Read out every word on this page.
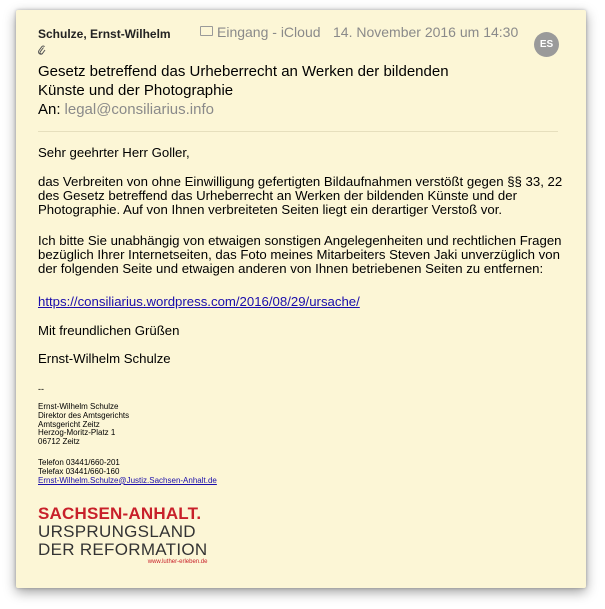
Schulze, Ernst-Wilhelm	Eingang - iCloud 14. November 2016 um 14:30
ES
Gesetz betreffend das Urheberrecht an Werken der bildenden Künste und der Photographie
An: legal@consiliarius.info

Sehr geehrter Herr Goller,

das Verbreiten von ohne Einwilligung gefertigten Bildaufnahmen verstößt gegen §§ 33, 22 des Gesetz betreffend das Urheberrecht an Werken der bildenden Künste und der Photographie. Auf von Ihnen verbreiteten Seiten liegt ein derartiger Verstoß vor.

Ich bitte Sie unabhängig von etwaigen sonstigen Angelegenheiten und rechtlichen Fragen bezüglich Ihrer Internetseiten, das Foto meines Mitarbeiters Steven Jaki unverzüglich von der folgenden Seite und etwaigen anderen von Ihnen betriebenen Seiten zu entfernen:

https://consiliarius.wordpress.com/2016/08/29/ursache/

Mit freundlichen Grüßen

Ernst-Wilhelm Schulze

--

Ernst-Wilhelm Schulze
Direktor des Amtsgerichts
Amtsgericht Zeitz
Herzog-Moritz-Platz 1
06712 Zeitz
Telefon 03441/660-201
Telefax 03441/660-160
Ernst-Wilhelm.Schulze@Justiz.Sachsen-Anhalt.de
SACHSEN-ANHALT.
URSPRUNGSLAND
DER REFORMATION
www.luther-erleben.de
